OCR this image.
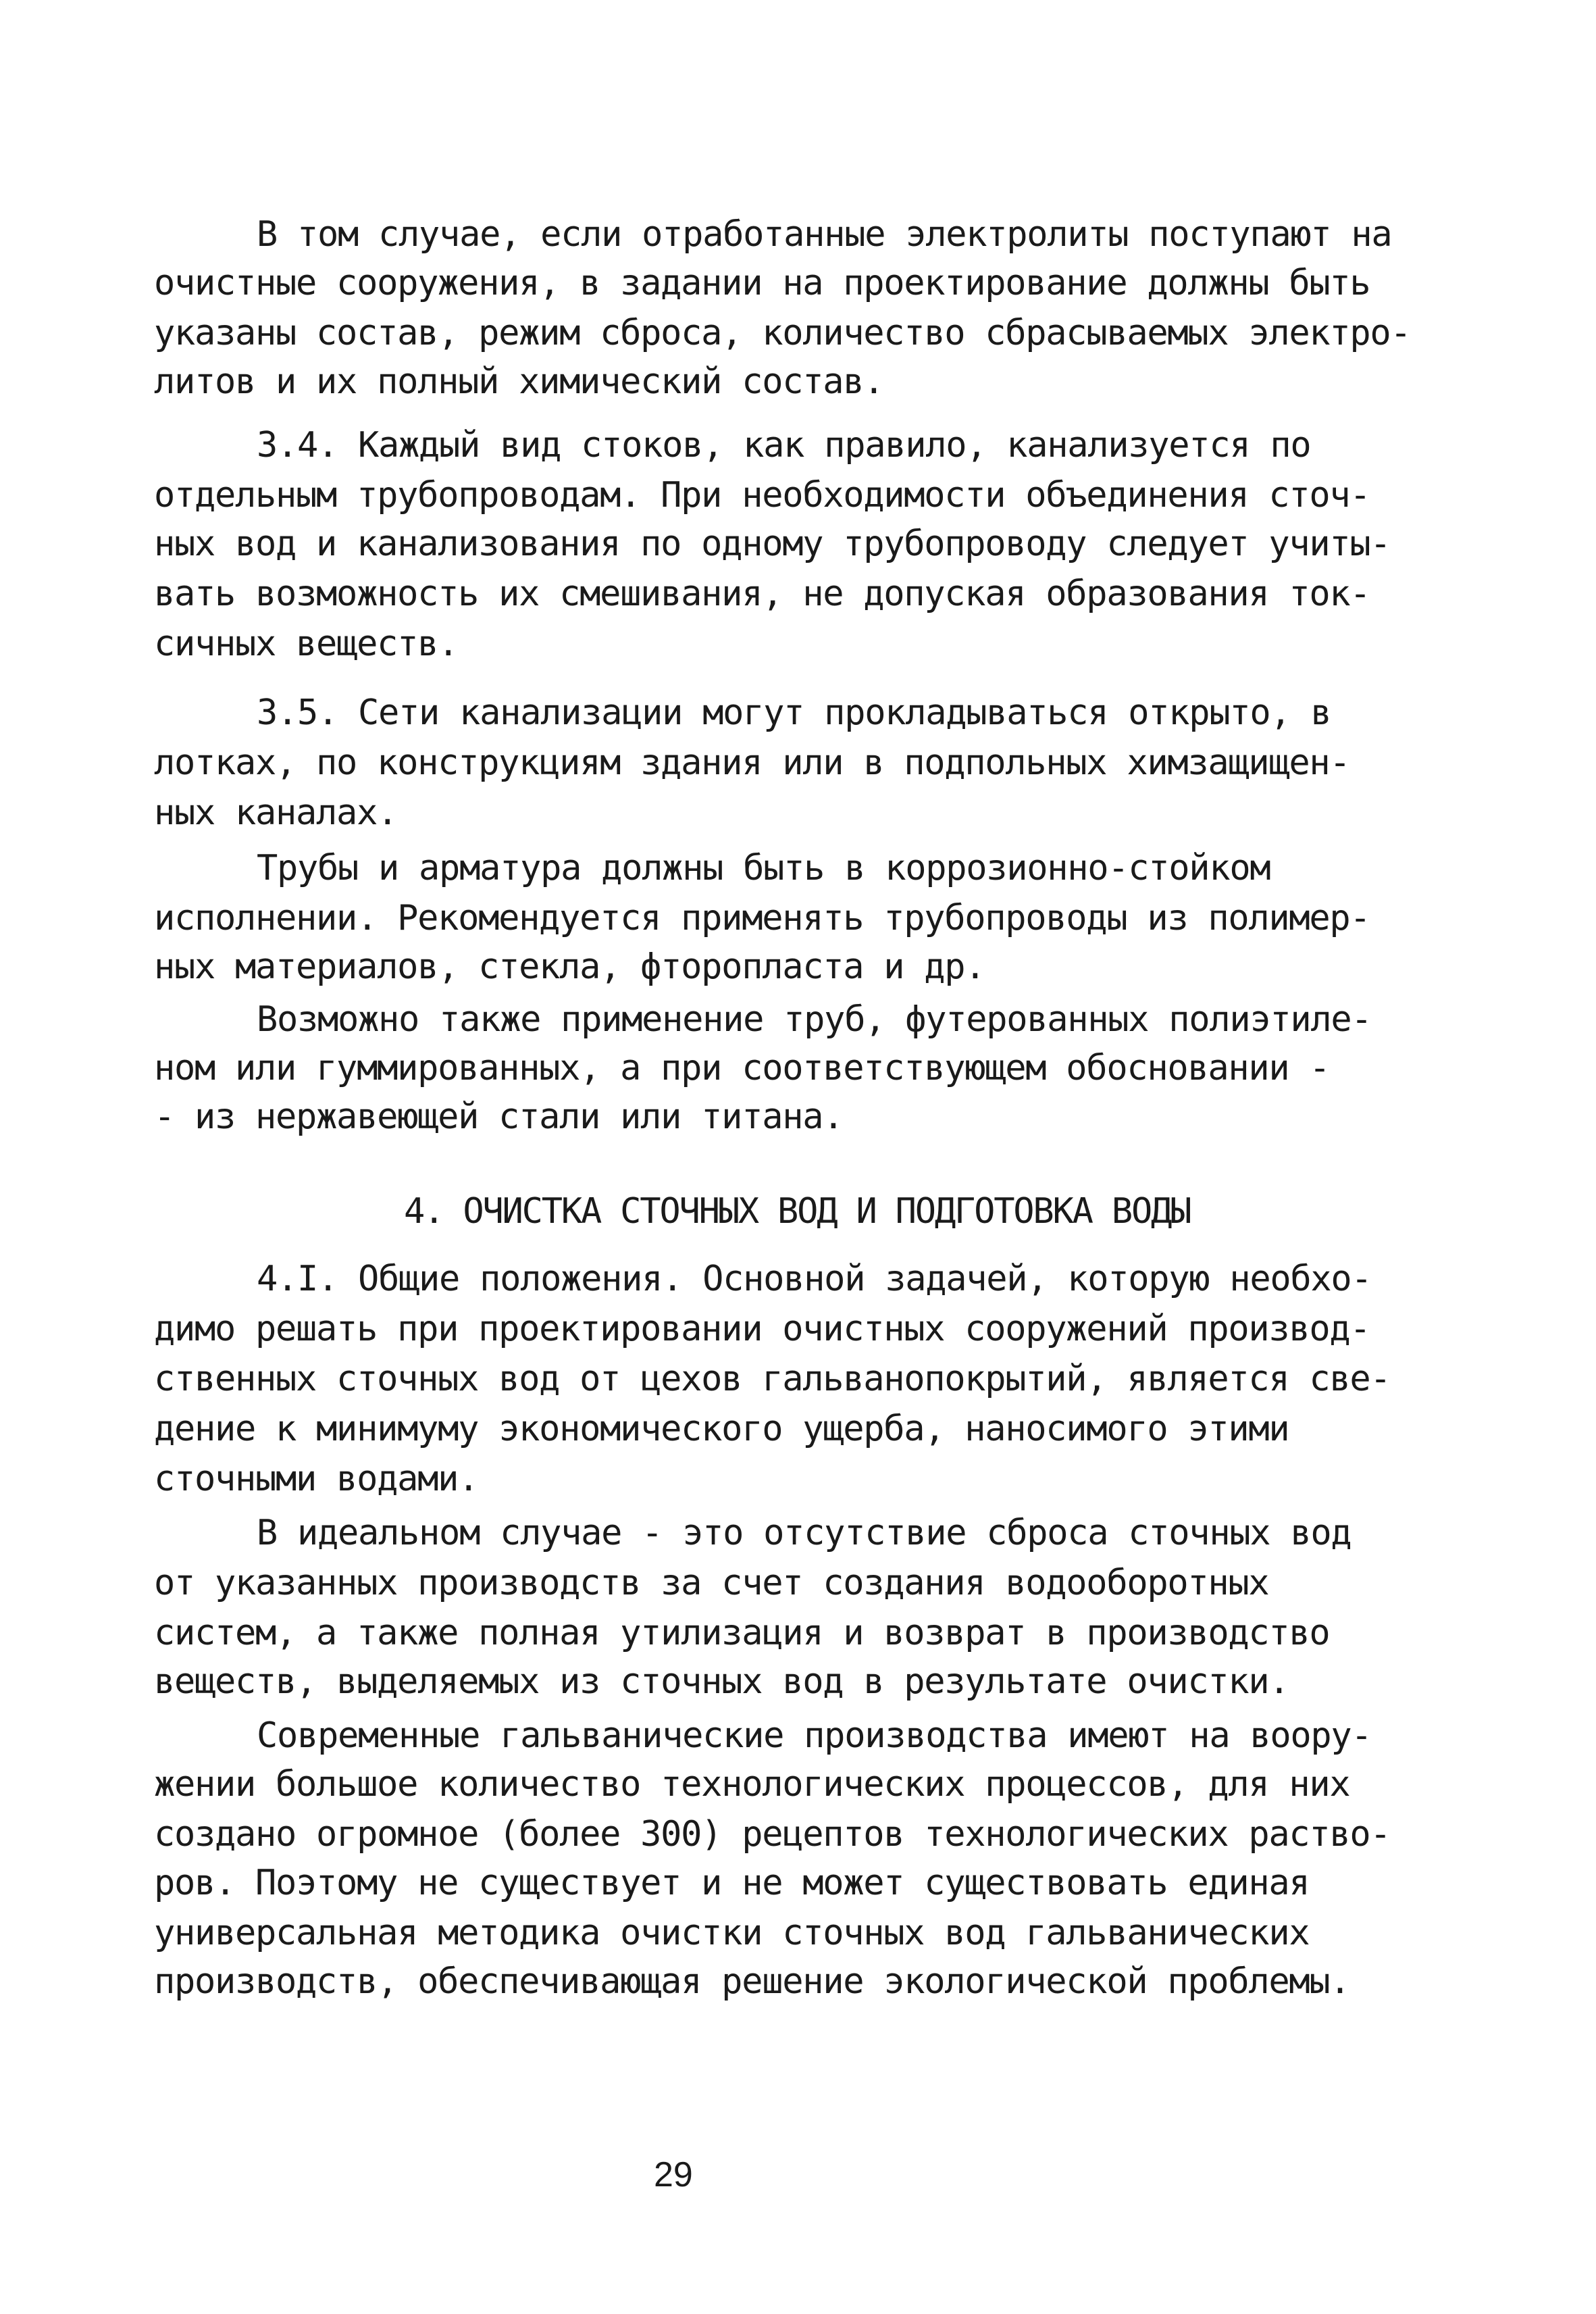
В том случае, если отработанные электролиты поступают на
очистные сооружения, в задании на проектирование должны быть
указаны состав, режим сброса, количество сбрасываемых электро-
литов и их полный химический состав.
3.4. Каждый вид стоков, как правило, канализуется по
отдельным трубопроводам. При необходимости объединения сточ-
ных вод и канализования по одному трубопроводу следует учиты-
вать возможность их смешивания, не допуская образования ток-
сичных веществ.
3.5. Сети канализации могут прокладываться открыто, в
лотках, по конструкциям здания или в подпольных химзащищен-
ных каналах.
Трубы и арматура должны быть в коррозионно-стойком
исполнении. Рекомендуется применять трубопроводы из полимер-
ных материалов, стекла, фторопласта и др.
Возможно также применение труб, футерованных полиэтиле-
ном или гуммированных, а при соответствующем обосновании -
- из нержавеющей стали или титана.
4. ОЧИСТКА СТОЧНЫХ ВОД И ПОДГОТОВКА ВОДЫ
4.I. Общие положения. Основной задачей, которую необхо-
димо решать при проектировании очистных сооружений производ-
ственных сточных вод от цехов гальванопокрытий, является све-
дение к минимуму экономического ущерба, наносимого этими
сточными водами.
В идеальном случае - это отсутствие сброса сточных вод
от указанных производств за счет создания водооборотных
систем, а также полная утилизация и возврат в производство
веществ, выделяемых из сточных вод в результате очистки.
Современные гальванические производства имеют на воору-
жении большое количество технологических процессов, для них
создано огромное (более 300) рецептов технологических раство-
ров. Поэтому не существует и не может существовать единая
универсальная методика очистки сточных вод гальванических
производств, обеспечивающая решение экологической проблемы.
29
